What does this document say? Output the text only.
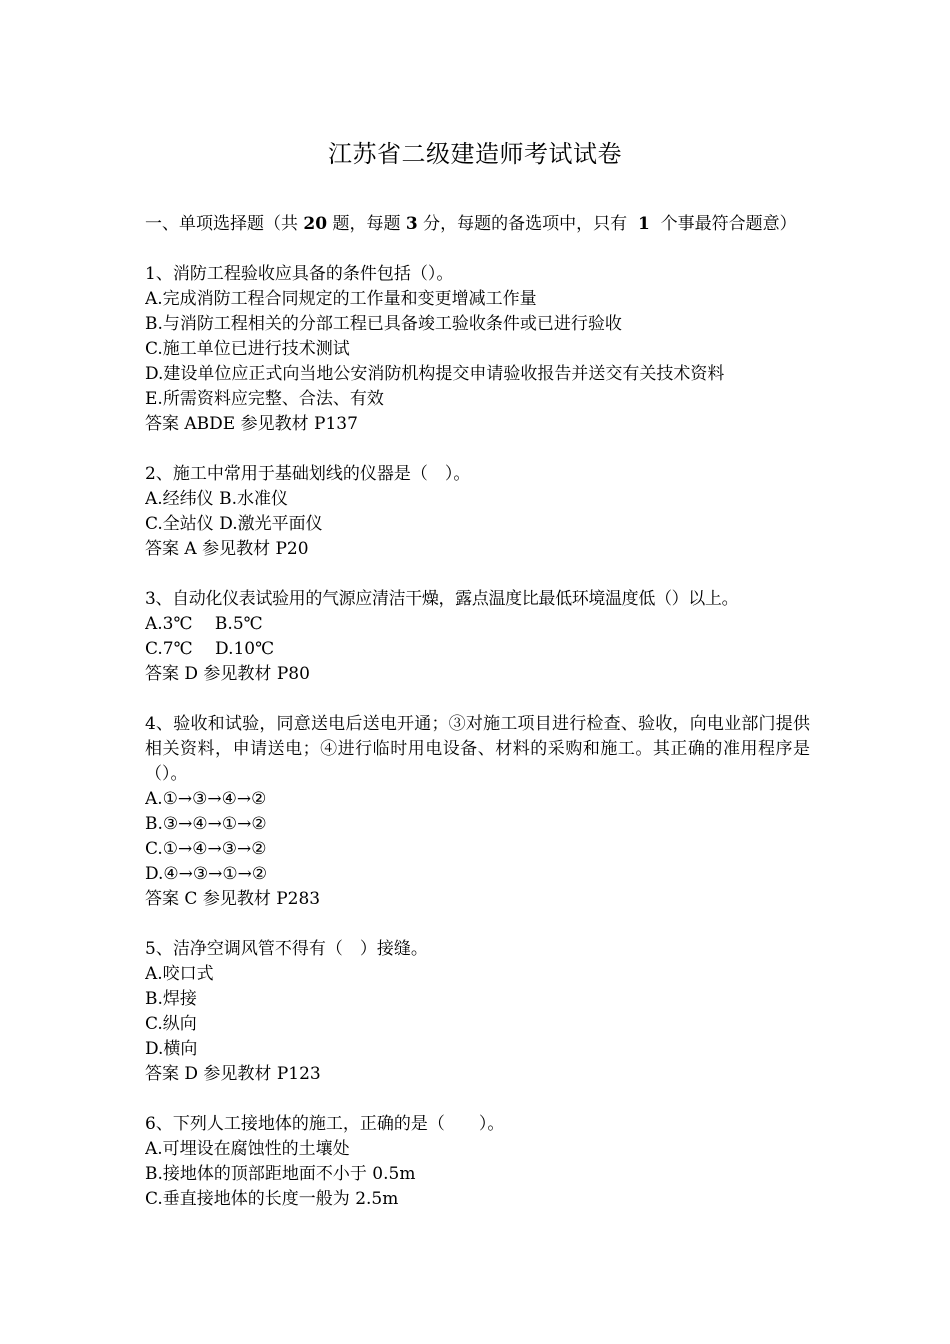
江苏省二级建造师考试试卷
一、单项选择题（共 20 题，每题 3 分，每题的备选项中，只有 1 个事最符合题意）
1、消防工程验收应具备的条件包括（）。
A.完成消防工程合同规定的工作量和变更增减工作量
B.与消防工程相关的分部工程已具备竣工验收条件或已进行验收
C.施工单位已进行技术测试
D.建设单位应正式向当地公安消防机构提交申请验收报告并送交有关技术资料
E.所需资料应完整、合法、有效
答案 ABDE 参见教材 P137
2、施工中常用于基础划线的仪器是（　）。
A.经纬仪 B.水准仪
C.全站仪 D.激光平面仪
答案 A 参见教材 P20
3、自动化仪表试验用的气源应清洁干燥，露点温度比最低环境温度低（）以上。
A.3℃　 B.5℃
C.7℃　 D.10℃
答案 D 参见教材 P80
4、验收和试验，同意送电后送电开通；③对施工项目进行检查、验收，向电业部门提供相关资料，申请送电；④进行临时用电设备、材料的采购和施工。其正确的准用程序是（）。
A.①→③→④→②
B.③→④→①→②
C.①→④→③→②
D.④→③→①→②
答案 C 参见教材 P283
5、洁净空调风管不得有（　）接缝。
A.咬口式
B.焊接
C.纵向
D.横向
答案 D 参见教材 P123
6、下列人工接地体的施工，正确的是（　　）。
A.可埋设在腐蚀性的土壤处
B.接地体的顶部距地面不小于 0.5m
C.垂直接地体的长度一般为 2.5m
